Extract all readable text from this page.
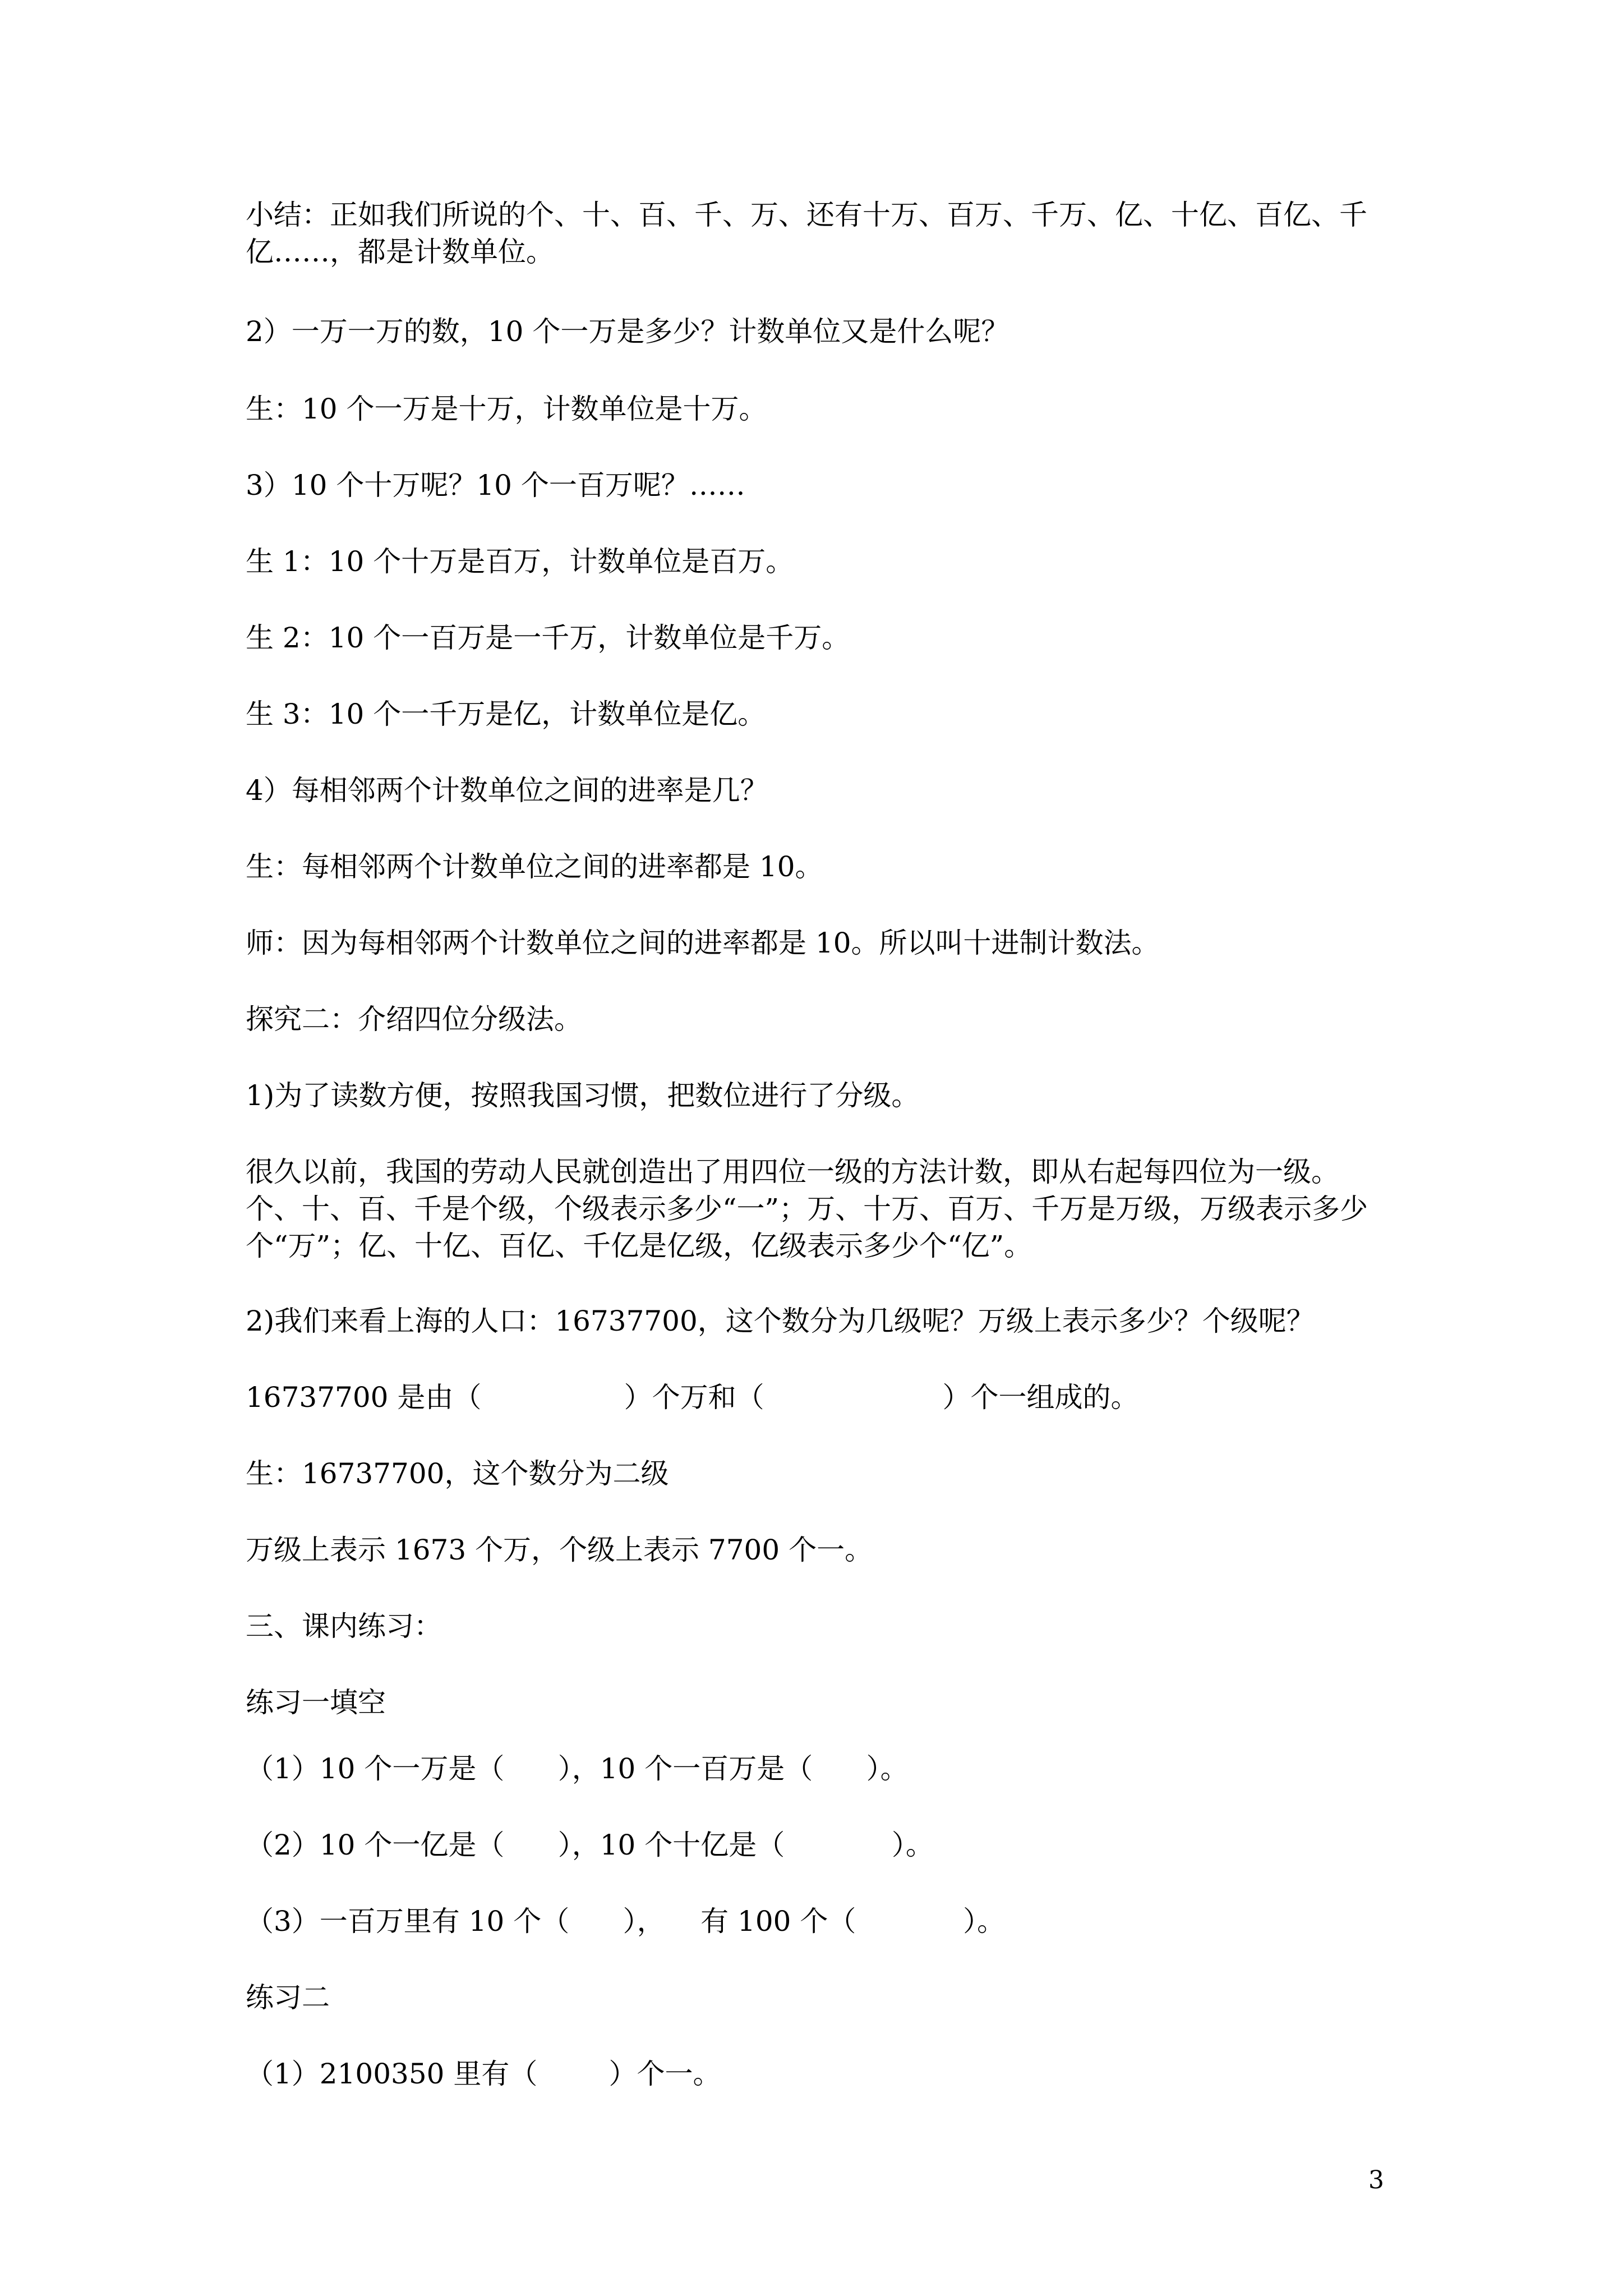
小结：正如我们所说的个、十、百、千、万、还有十万、百万、千万、亿、十亿、百亿、千亿……，都是计数单位。

2）一万一万的数，10 个一万是多少？计数单位又是什么呢？

生：10 个一万是十万，计数单位是十万。

3）10 个十万呢？10 个一百万呢？……

生 1：10 个十万是百万，计数单位是百万。

生 2：10 个一百万是一千万，计数单位是千万。

生 3：10 个一千万是亿，计数单位是亿。

4）每相邻两个计数单位之间的进率是几？

生：每相邻两个计数单位之间的进率都是 10。

师：因为每相邻两个计数单位之间的进率都是 10。所以叫十进制计数法。

探究二：介绍四位分级法。

1)为了读数方便，按照我国习惯，把数位进行了分级。

很久以前，我国的劳动人民就创造出了用四位一级的方法计数，即从右起每四位为一级。个、十、百、千是个级，个级表示多少“一”；万、十万、百万、千万是万级，万级表示多少个“万”；亿、十亿、百亿、千亿是亿级，亿级表示多少个“亿”。

2)我们来看上海的人口：16737700，这个数分为几级呢？万级上表示多少？个级呢？

16737700 是由（                ）个万和（                    ）个一组成的。

生：16737700，这个数分为二级

万级上表示 1673 个万，个级上表示 7700 个一。

三、课内练习：

练习一填空

（1）10 个一万是（      ），10 个一百万是（      ）。

（2）10 个一亿是（      ），10 个十亿是（            ）。

（3）一百万里有 10 个（      ），    有 100 个（            ）。

练习二

（1）2100350 里有（        ）个一。

3
